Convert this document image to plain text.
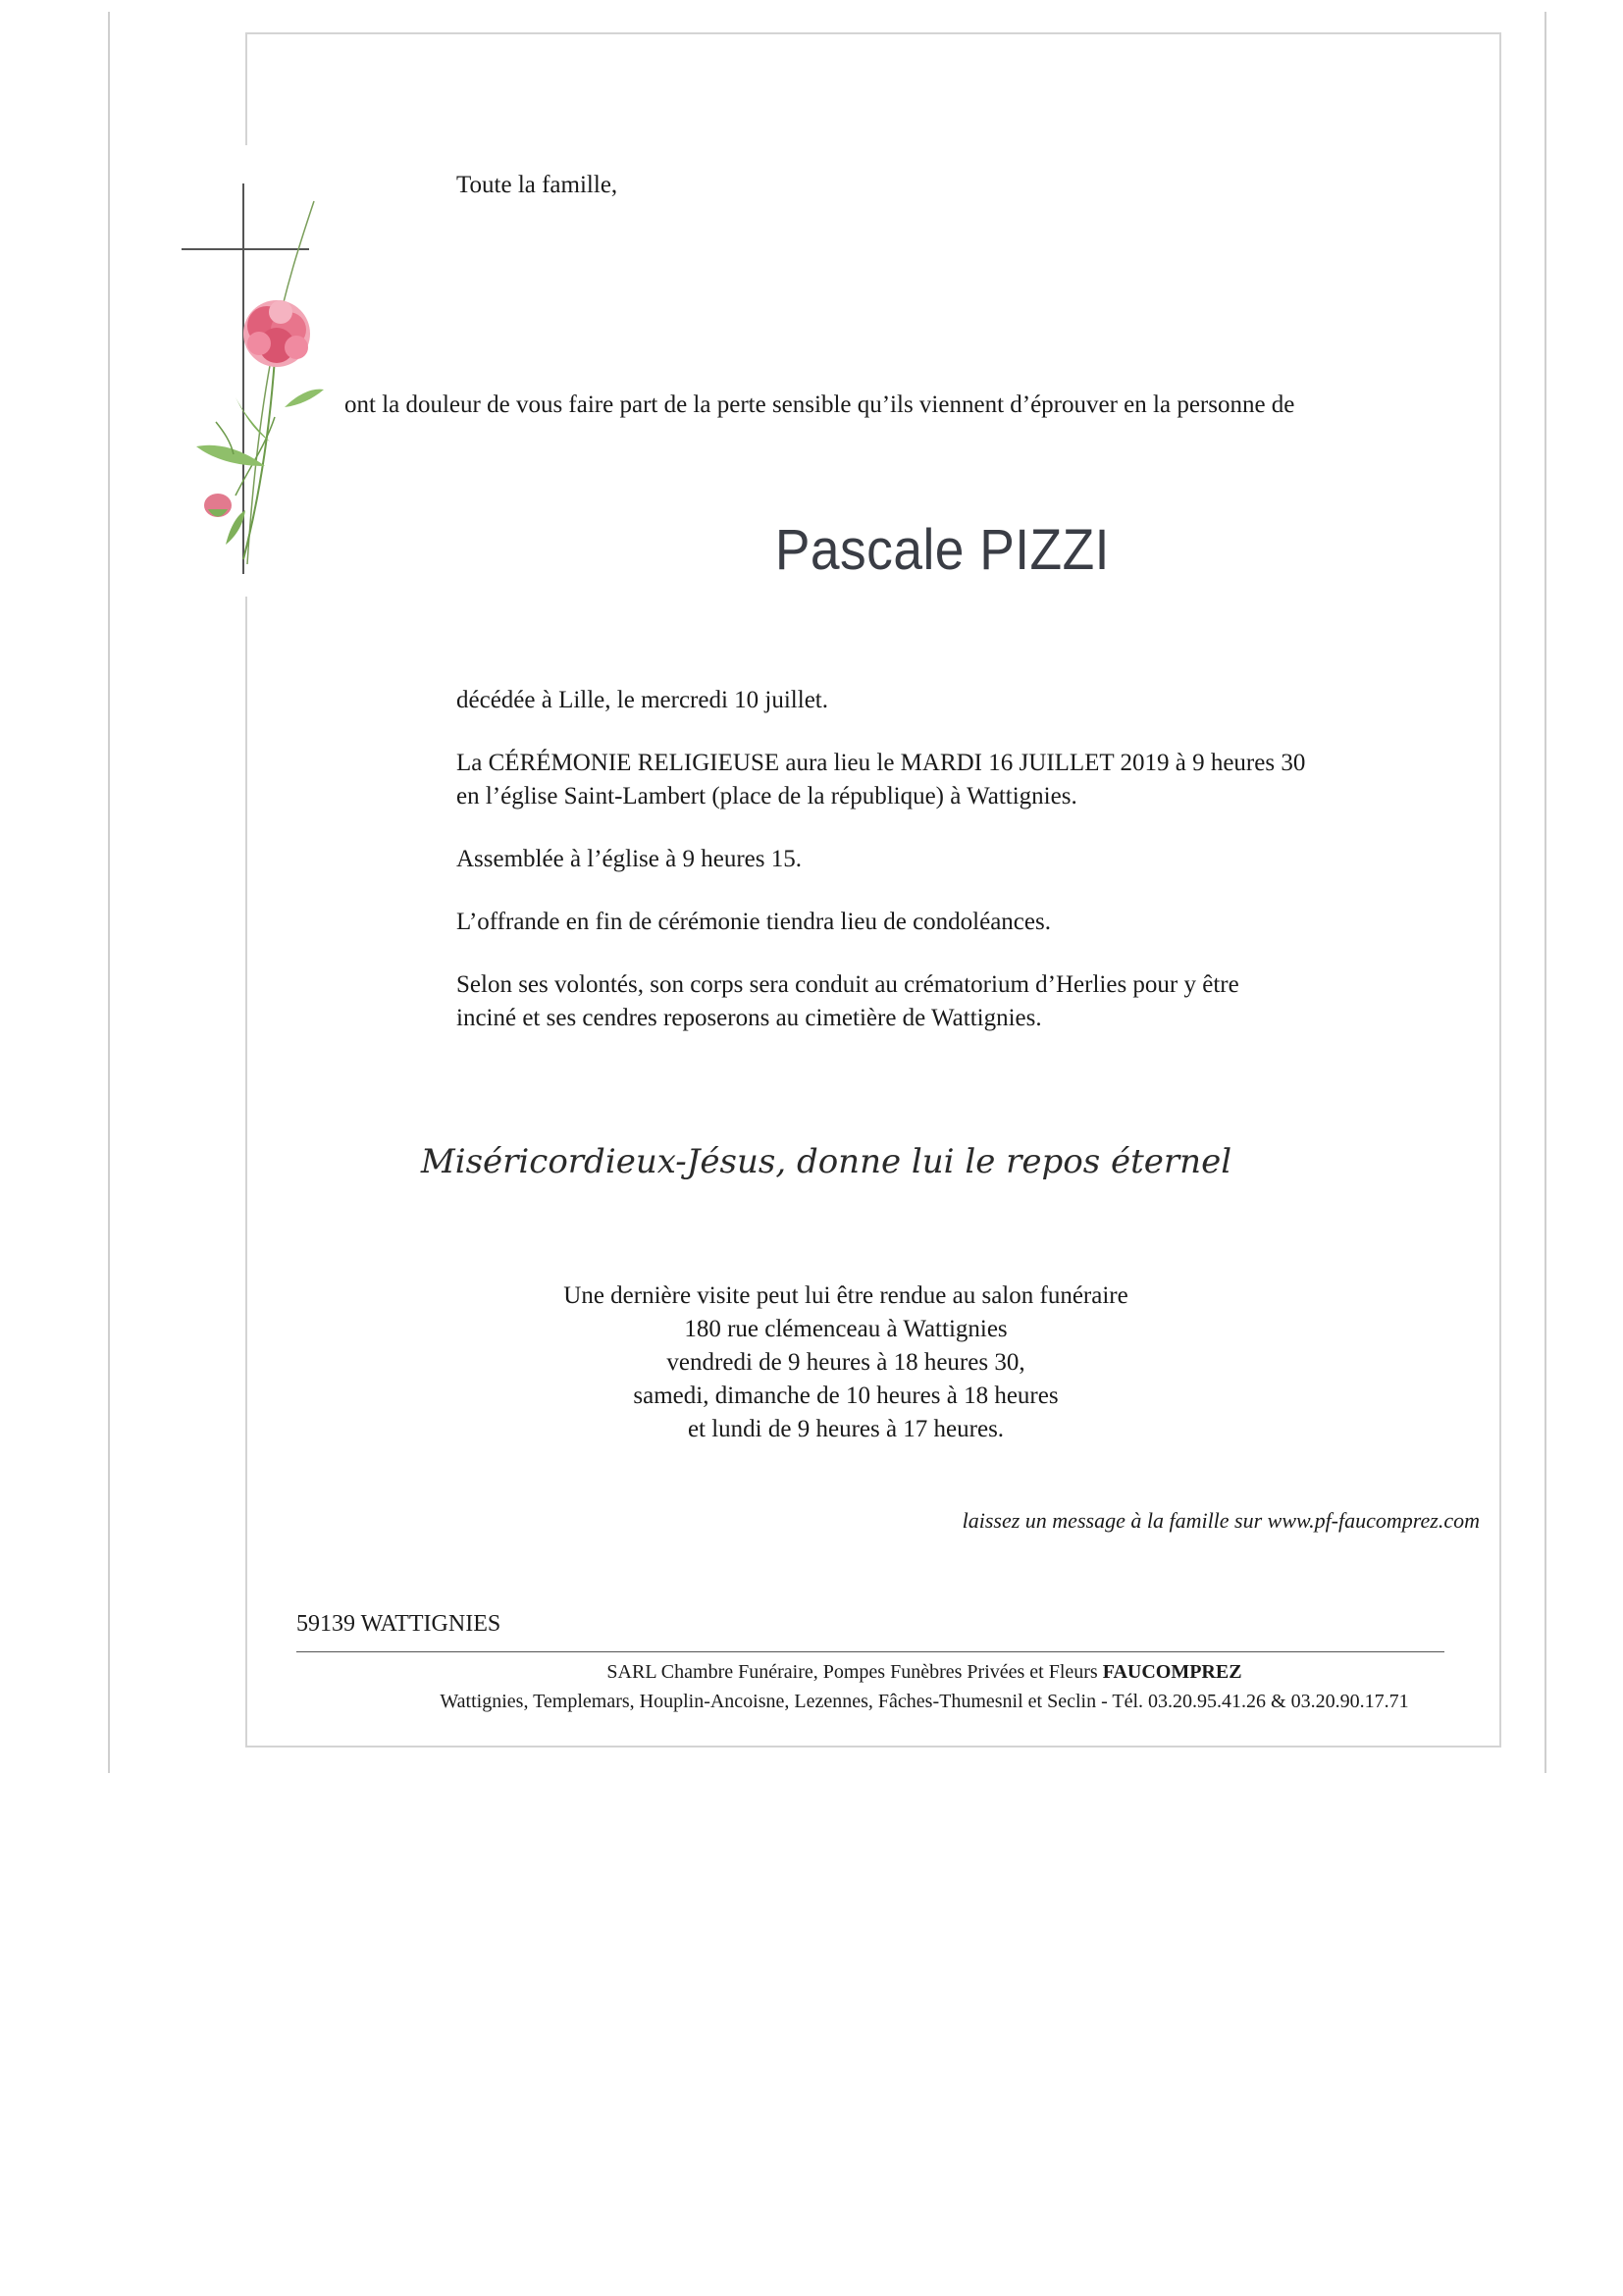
Toute la famille,
ont la douleur de vous faire part de la perte sensible qu’ils viennent d’éprouver en la personne de
Pascale PIZZI
décédée à Lille, le mercredi 10 juillet.
La CÉRÉMONIE RELIGIEUSE aura lieu le MARDI 16 JUILLET 2019 à 9 heures 30
en l’église Saint-Lambert (place de la république) à Wattignies.
Assemblée à l’église à 9 heures 15.
L’offrande en fin de cérémonie tiendra lieu de condoléances.
Selon ses volontés, son corps sera conduit au crématorium d’Herlies pour y être
inciné et ses cendres reposerons au cimetière de Wattignies.
Miséricordieux-Jésus, donne lui le repos éternel
Une dernière visite peut lui être rendue au salon funéraire
180 rue clémenceau à Wattignies
vendredi de 9 heures à 18 heures 30,
samedi, dimanche de 10 heures à 18 heures
et lundi de 9 heures à 17 heures.
laissez un message à la famille sur www.pf-faucomprez.com
59139 WATTIGNIES
SARL Chambre Funéraire, Pompes Funèbres Privées et Fleurs FAUCOMPREZ
Wattignies, Templemars, Houplin-Ancoisne, Lezennes, Fâches-Thumesnil et Seclin - Tél. 03.20.95.41.26 & 03.20.90.17.71
